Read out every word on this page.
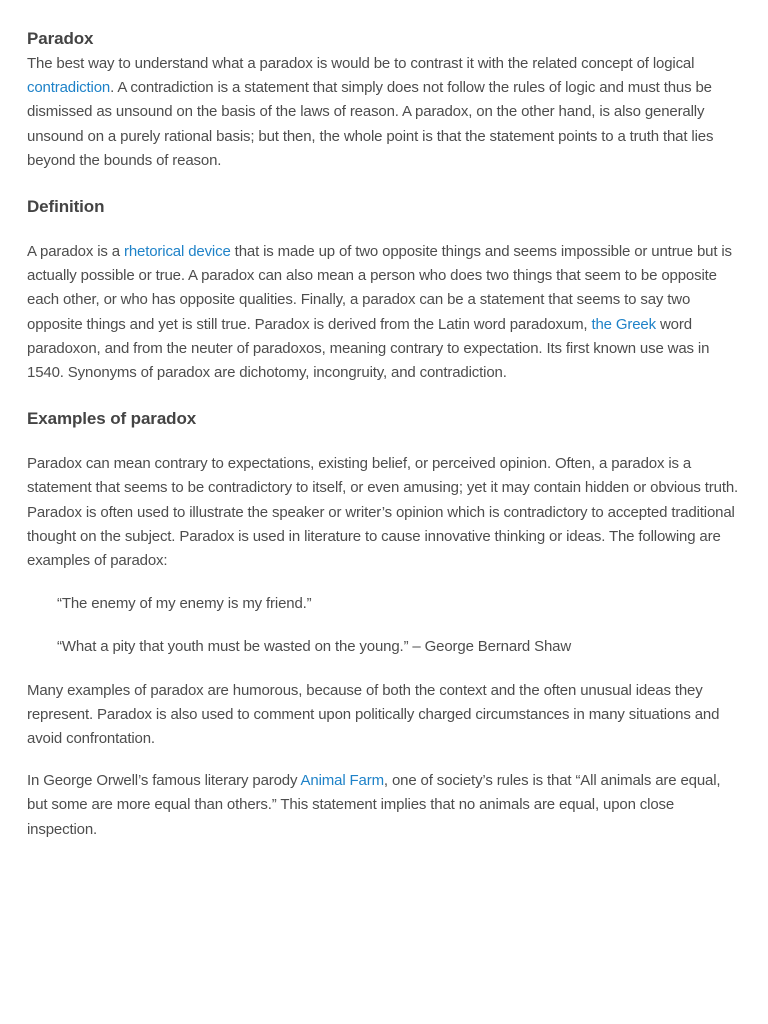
Paradox

The best way to understand what a paradox is would be to contrast it with the related concept of logical contradiction. A contradiction is a statement that simply does not follow the rules of logic and must thus be dismissed as unsound on the basis of the laws of reason. A paradox, on the other hand, is also generally unsound on a purely rational basis; but then, the whole point is that the statement points to a truth that lies beyond the bounds of reason.

Definition

A paradox is a rhetorical device that is made up of two opposite things and seems impossible or untrue but is actually possible or true. A paradox can also mean a person who does two things that seem to be opposite each other, or who has opposite qualities. Finally, a paradox can be a statement that seems to say two opposite things and yet is still true. Paradox is derived from the Latin word paradoxum, the Greek word paradoxon, and from the neuter of paradoxos, meaning contrary to expectation. Its first known use was in 1540. Synonyms of paradox are dichotomy, incongruity, and contradiction.

Examples of paradox

Paradox can mean contrary to expectations, existing belief, or perceived opinion. Often, a paradox is a statement that seems to be contradictory to itself, or even amusing; yet it may contain hidden or obvious truth. Paradox is often used to illustrate the speaker or writer’s opinion which is contradictory to accepted traditional thought on the subject. Paradox is used in literature to cause innovative thinking or ideas. The following are examples of paradox:

“The enemy of my enemy is my friend.”

“What a pity that youth must be wasted on the young.” – George Bernard Shaw

Many examples of paradox are humorous, because of both the context and the often unusual ideas they represent. Paradox is also used to comment upon politically charged circumstances in many situations and avoid confrontation.

In George Orwell’s famous literary parody Animal Farm, one of society’s rules is that “All animals are equal, but some are more equal than others.” This statement implies that no animals are equal, upon close inspection.
